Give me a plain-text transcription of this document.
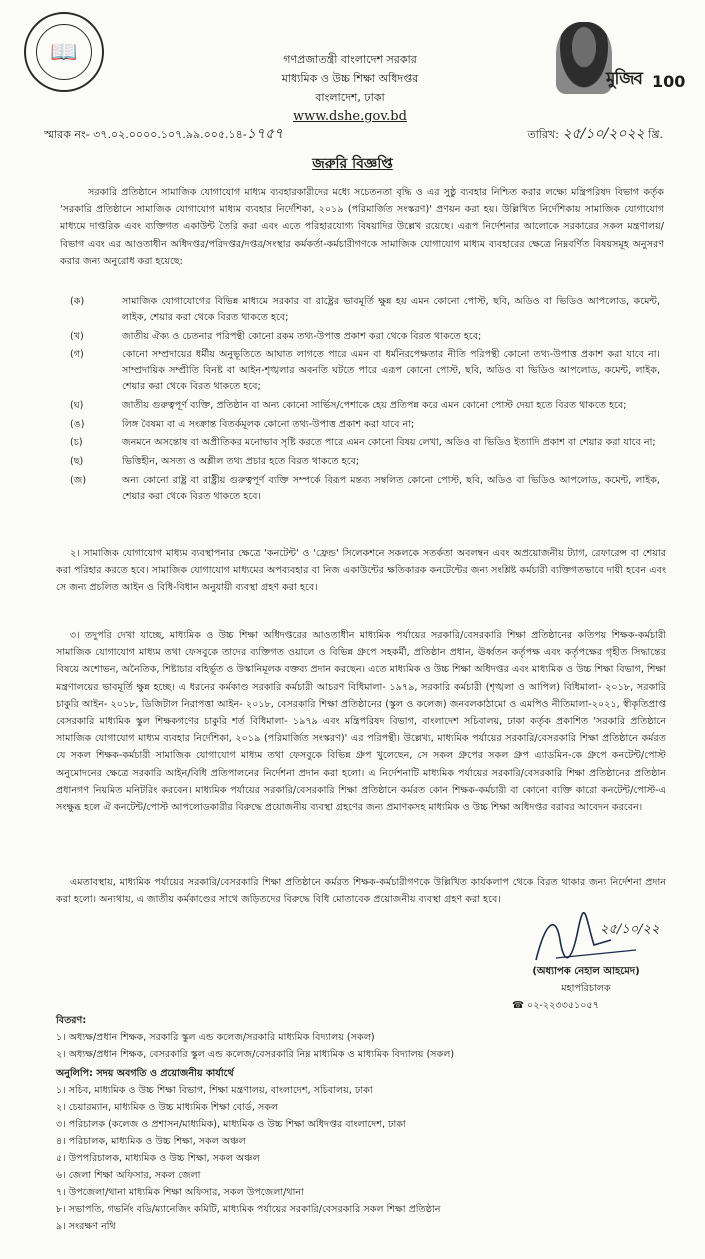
📖
মুজিব 100
গণপ্রজাতন্ত্রী বাংলাদেশ সরকার
মাধ্যমিক ও উচ্চ শিক্ষা অধিদপ্তর
বাংলাদেশ, ঢাকা
www.dshe.gov.bd
স্মারক নং- ৩৭.০২.০০০০.১০৭.৯৯.০০৫.১৪-১৭৫৭	তারিখ: ২৫/১০/২০২২ খ্রি.
জরুরি বিজ্ঞপ্তি

সরকারি প্রতিষ্ঠানে সামাজিক যোগাযোগ মাধ্যম ব্যবহারকারীদের মধ্যে সচেতনতা বৃদ্ধি ও এর সুষ্ঠু ব্যবহার নিশ্চিত করার লক্ষ্যে মন্ত্রিপরিষদ বিভাগ কর্তৃক 'সরকারি প্রতিষ্ঠানে সামাজিক যোগাযোগ মাধ্যম ব্যবহার নির্দেশিকা, ২০১৯ (পরিমার্জিত সংস্করণ)' প্রণয়ন করা হয়। উল্লিখিত নির্দেশিকায় সামাজিক যোগাযোগ মাধ্যমে দাপ্তরিক এবং ব্যক্তিগত একাউন্ট তৈরি করা এবং এতে পরিহারযোগ্য বিষয়াদির উল্লেখ রয়েছে। এরূপ নির্দেশনার আলোকে সরকারের সকল মন্ত্রণালয়/বিভাগ এবং এর আওতাধীন অধিদপ্তর/পরিদপ্তর/দপ্তর/সংস্থার কর্মকর্তা-কর্মচারীগণকে সামাজিক যোগাযোগ মাধ্যম ব্যবহারের ক্ষেত্রে নিম্নবর্ণিত বিষয়সমূহ অনুসরণ করার জন্য অনুরোধ করা হয়েছে:

(ক)	সামাজিক যোগাযোগের বিভিন্ন মাধ্যমে সরকার বা রাষ্ট্রের ভাবমূর্তি ক্ষুন্ন হয় এমন কোনো পোস্ট, ছবি, অডিও বা ভিডিও আপলোড, কমেন্ট, লাইক, শেয়ার করা থেকে বিরত থাকতে হবে;
(খ)	জাতীয় ঐক্য ও চেতনার পরিপন্থী কোনো রকম তথ্য-উপাত্ত প্রকাশ করা থেকে বিরত থাকতে হবে;
(গ)	কোনো সম্প্রদায়ের ধর্মীয় অনুভূতিতে আঘাত লাগতে পারে এমন বা ধর্মনিরপেক্ষতার নীতি পরিপন্থী কোনো তথ্য-উপাত্ত প্রকাশ করা যাবে না। সাম্প্রদায়িক সম্প্রীতি বিনষ্ট বা আইন-শৃঙ্খলার অবনতি ঘটতে পারে এরূপ কোনো পোস্ট, ছবি, অডিও বা ভিডিও আপলোড, কমেন্ট, লাইক, শেয়ার করা থেকে বিরত থাকতে হবে;
(ঘ)	জাতীয় গুরুত্বপূর্ণ ব্যক্তি, প্রতিষ্ঠান বা অন্য কোনো সার্ভিস/পেশাকে হেয় প্রতিপন্ন করে এমন কোনো পোস্ট দেয়া হতে বিরত থাকতে হবে;
(ঙ)	লিঙ্গ বৈষম্য বা এ সংক্রান্ত বিতর্কমূলক কোনো তথ্য-উপাত্ত প্রকাশ করা যাবে না;
(চ)	জনমনে অসন্তোষ বা অপ্রীতিকর মনোভাব সৃষ্টি করতে পারে এমন কোনো বিষয় লেখা, অডিও বা ভিডিও ইত্যাদি প্রকাশ বা শেয়ার করা যাবে না;
(ছ)	ভিত্তিহীন, অসত্য ও অশ্লীল তথ্য প্রচার হতে বিরত থাকতে হবে;
(জ)	অন্য কোনো রাষ্ট্র বা রাষ্ট্রীয় গুরুত্বপূর্ণ ব্যক্তি সম্পর্কে বিরূপ মন্তব্য সম্বলিত কোনো পোস্ট, ছবি, অডিও বা ভিডিও আপলোড, কমেন্ট, লাইক, শেয়ার করা থেকে বিরত থাকতে হবে।

২। সামাজিক যোগাযোগ মাধ্যম ব্যবস্থাপনার ক্ষেত্রে 'কনটেন্ট' ও 'ফ্রেন্ড' সিলেকশনে সকলকে সতর্কতা অবলম্বন এবং অপ্রয়োজনীয় ট্যাগ, রেফারেন্স বা শেয়ার করা পরিহার করতে হবে। সামাজিক যোগাযোগ মাধ্যমের অপব্যবহার বা নিজ একাউন্টের ক্ষতিকারক কনটেন্টের জন্য সংশ্লিষ্ট কর্মচারী ব্যক্তিগতভাবে দায়ী হবেন এবং সে জন্য প্রচলিত আইন ও বিধি-বিধান অনুযায়ী ব্যবস্থা গ্রহণ করা হবে।

৩। তদুপরি দেখা যাচ্ছে, মাধ্যমিক ও উচ্চ শিক্ষা অধিদপ্তরের আওতাধীন মাধ্যমিক পর্যায়ের সরকারি/বেসরকারি শিক্ষা প্রতিষ্ঠানের কতিপয় শিক্ষক-কর্মচারী সামাজিক যোগাযোগ মাধ্যম তথা ফেসবুকে তাদের ব্যক্তিগত ওয়ালে ও বিভিন্ন গ্রুপে সহকর্মী, প্রতিষ্ঠান প্রধান, ঊর্ধ্বতন কর্তৃপক্ষ এবং কর্তৃপক্ষের গৃহীত সিদ্ধান্তের বিষয়ে অশোভন, অনৈতিক, শিষ্টাচার বহির্ভূত ও উস্কানিমূলক বক্তব্য প্রদান করছেন। এতে মাধ্যমিক ও উচ্চ শিক্ষা অধিদপ্তর এবং মাধ্যমিক ও উচ্চ শিক্ষা বিভাগ, শিক্ষা মন্ত্রণালয়ের ভাবমূর্তি ক্ষুন্ন হচ্ছে। এ ধরনের কর্মকাণ্ড সরকারি কর্মচারী আচরণ বিধিমালা- ১৯৭৯, সরকারি কর্মচারী (শৃঙ্খলা ও আপিল) বিধিমালা- ২০১৮, সরকারি চাকুরি আইন- ২০১৮, ডিজিটাল নিরাপত্তা আইন- ২০১৮, বেসরকারি শিক্ষা প্রতিষ্ঠানের (স্কুল ও কলেজ) জনবলকাঠামো ও এমপিও নীতিমালা-২০২১, স্বীকৃতিপ্রাপ্ত বেসরকারি মাধ্যমিক স্কুল শিক্ষকগণের চাকুরি শর্ত বিধিমালা- ১৯৭৯ এবং মন্ত্রিপরিষদ বিভাগ, বাংলাদেশ সচিবালয়, ঢাকা কর্তৃক প্রকাশিত 'সরকারি প্রতিষ্ঠানে সামাজিক যোগাযোগ মাধ্যম ব্যবহার নির্দেশিকা, ২০১৯ (পরিমার্জিত সংস্করণ)' এর পরিপন্থী। উল্লেখ্য, মাধ্যমিক পর্যায়ের সরকারি/বেসরকারি শিক্ষা প্রতিষ্ঠানে কর্মরত যে সকল শিক্ষক-কর্মচারী সামাজিক যোগাযোগ মাধ্যম তথা ফেসবুকে বিভিন্ন গ্রুপ খুলেছেন, সে সকল গ্রুপের সকল গ্রুপ এ্যাডমিন-কে গ্রুপে কনটেন্ট/পোস্ট অনুমোদনের ক্ষেত্রে সরকারি আইন/বিধি প্রতিপালনের নির্দেশনা প্রদান করা হলো। এ নির্দেশনাটি মাধ্যমিক পর্যায়ের সরকারি/বেসরকারি শিক্ষা প্রতিষ্ঠানের প্রতিষ্ঠান প্রধানগণ নিয়মিত মনিটরিং করবেন। মাধ্যমিক পর্যায়ের সরকারি/বেসরকারি শিক্ষা প্রতিষ্ঠানে কর্মরত কোন শিক্ষক-কর্মচারী বা কোনো ব্যক্তি কারো কনটেন্ট/পোস্ট-এ সংক্ষুব্ধ হলে ঐ কনটেন্ট/পোস্ট আপলোডকারীর বিরুদ্ধে প্রয়োজনীয় ব্যবস্থা গ্রহণের জন্য প্রমাণকসহ মাধ্যমিক ও উচ্চ শিক্ষা অধিদপ্তর বরাবর আবেদন করবেন।

এমতাবস্থায়, মাধ্যমিক পর্যায়ের সরকারি/বেসরকারি শিক্ষা প্রতিষ্ঠানে কর্মরত শিক্ষক-কর্মচারীগণকে উল্লিখিত কার্যকলাপ থেকে বিরত থাকার জন্য নির্দেশনা প্রদান করা হলো। অন্যথায়, এ জাতীয় কর্মকাণ্ডের সাথে জড়িতদের বিরুদ্ধে বিধি মোতাবেক প্রয়োজনীয় ব্যবস্থা গ্রহণ করা হবে।

২৫/১০/২২
(অধ্যাপক নেহাল আহমেদ)
মহাপরিচালক
☎ ০২-২২৩৩৫১০৫৭
বিতরণ:
১। অধ্যক্ষ/প্রধান শিক্ষক, সরকারি স্কুল এন্ড কলেজ/সরকারি মাধ্যমিক বিদ্যালয় (সকল)
২। অধ্যক্ষ/প্রধান শিক্ষক, বেসরকারি স্কুল এন্ড কলেজ/বেসরকারি নিম্ন মাধ্যমিক ও মাধ্যমিক বিদ্যালয় (সকল)
অনুলিপি: সদয় অবগতি ও প্রয়োজনীয় কার্যার্থে
১। সচিব, মাধ্যমিক ও উচ্চ শিক্ষা বিভাগ, শিক্ষা মন্ত্রণালয়, বাংলাদেশ, সচিবালয়, ঢাকা
২। চেয়ারম্যান, মাধ্যমিক ও উচ্চ মাধ্যমিক শিক্ষা বোর্ড, সকল
৩। পরিচালক (কলেজ ও প্রশাসন/মাধ্যমিক), মাধ্যমিক ও উচ্চ শিক্ষা অধিদপ্তর বাংলাদেশ, ঢাকা
৪। পরিচালক, মাধ্যমিক ও উচ্চ শিক্ষা, সকল অঞ্চল
৫। উপপরিচালক, মাধ্যমিক ও উচ্চ শিক্ষা, সকল অঞ্চল
৬। জেলা শিক্ষা অফিসার, সকল জেলা
৭। উপজেলা/থানা মাধ্যমিক শিক্ষা অফিসার, সকল উপজেলা/থানা
৮। সভাপতি, গভর্নিং বডি/ম্যানেজিং কমিটি, মাধ্যমিক পর্যায়ের সরকারি/বেসরকারি সকল শিক্ষা প্রতিষ্ঠান
৯। সংরক্ষণ নথি
